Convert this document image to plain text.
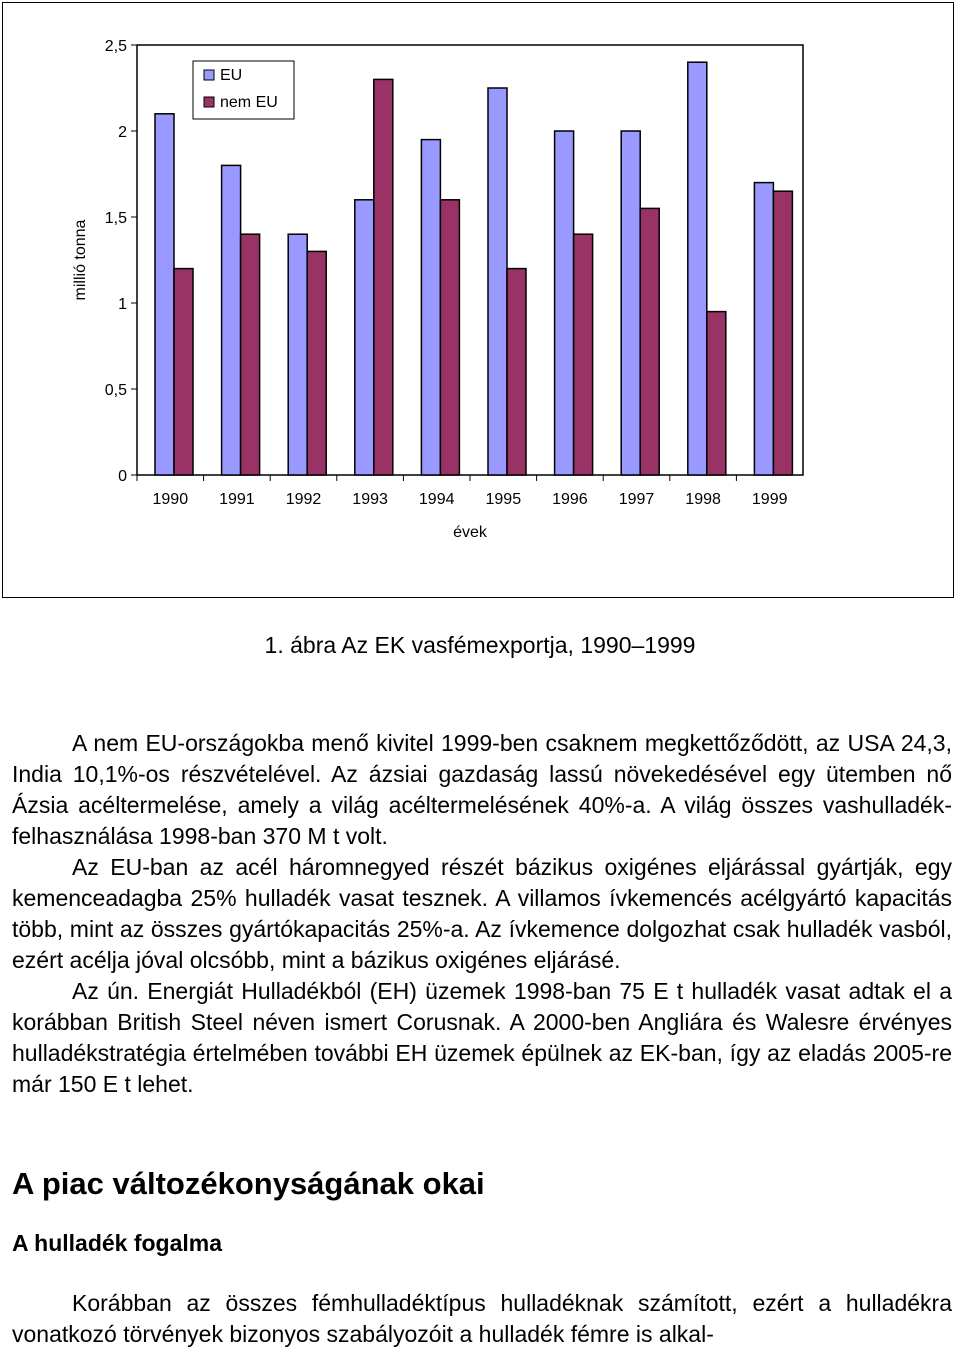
0
0,5
1
1,5
2
2,5
millió tonna
1990 1991 1992 1993 1994 1995 1996 1997 1998 1999
évek
EU
nem EU
1. ábra Az EK vasfémexportja, 1990–1999

A nem EU-országokba menő kivitel 1999-ben csaknem megkettőződött, az USA 24,3, India 10,1%-os részvételével. Az ázsiai gazdaság lassú növekedésével egy ütemben nő Ázsia acéltermelése, amely a világ acéltermelésének 40%-a. A világ összes vashulladék-felhasználása 1998-ban 370 M t volt.

Az EU-ban az acél háromnegyed részét bázikus oxigénes eljárással gyártják, egy kemenceadagba 25% hulladék vasat tesznek. A villamos ívkemencés acélgyártó kapacitás több, mint az összes gyártókapacitás 25%-a. Az ívkemence dolgozhat csak hulladék vasból, ezért acélja jóval olcsóbb, mint a bázikus oxigénes eljárásé.

Az ún. Energiát Hulladékból (EH) üzemek 1998-ban 75 E t hulladék vasat adtak el a korábban British Steel néven ismert Corusnak. A 2000-ben Angliára és Walesre érvényes hulladékstratégia értelmében további EH üzemek épülnek az EK-ban, így az eladás 2005-re már 150 E t lehet.

A piac változékonyságának okai
A hulladék fogalma

Korábban az összes fémhulladéktípus hulladéknak számított, ezért a hulladékra vonatkozó törvények bizonyos szabályozóit a hulladék fémre is alkal-
